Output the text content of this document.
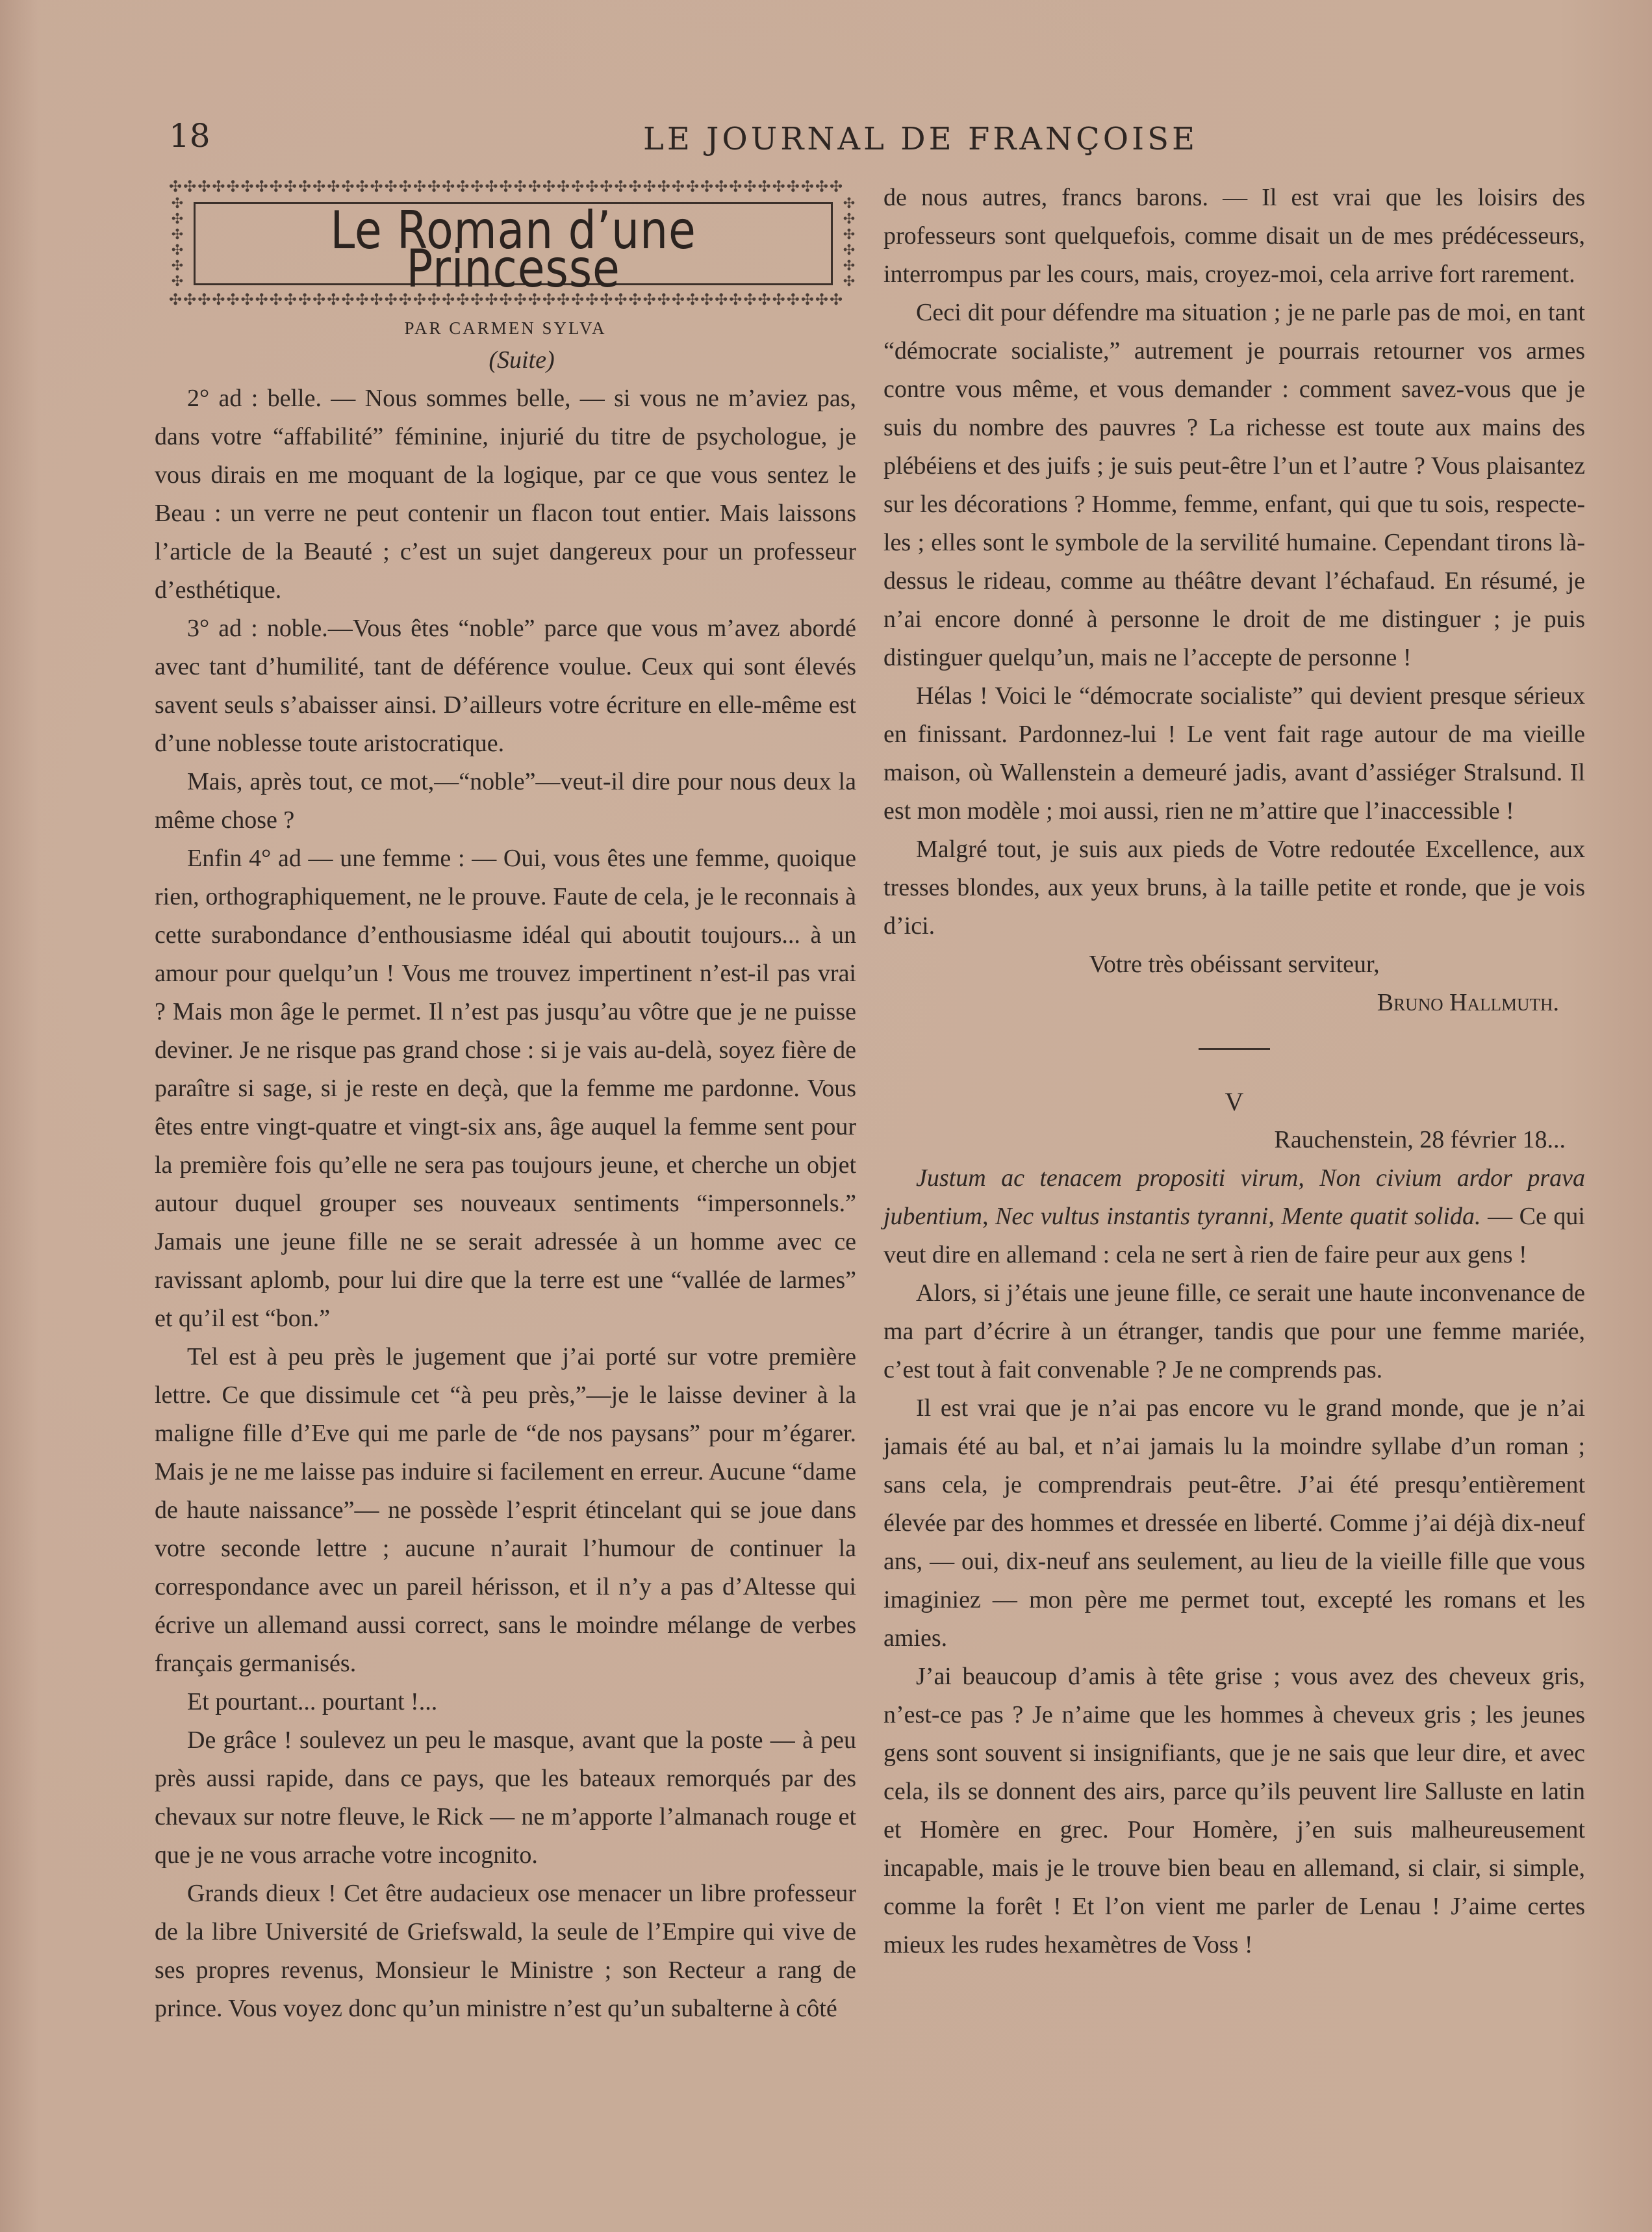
18	LE JOURNAL DE FRANÇOISE
✣✣✣✣✣✣✣✣✣✣✣✣✣✣✣✣✣✣✣✣✣✣✣✣✣✣✣✣✣✣✣✣✣✣✣✣✣✣✣✣✣✣✣✣✣✣✣
✣
✣
✣
✣
✣
✣
✣
✣
✣
✣
✣
✣
✣✣✣✣✣✣✣✣✣✣✣✣✣✣✣✣✣✣✣✣✣✣✣✣✣✣✣✣✣✣✣✣✣✣✣✣✣✣✣✣✣✣✣✣✣✣✣
Le Roman d’une Princesse

PAR CARMEN SYLVA

(Suite)

2° ad : belle. — Nous sommes belle, — si vous ne m’aviez pas, dans votre “affabilité” féminine, injurié du titre de psychologue, je vous dirais en me moquant de la logique, par ce que vous sentez le Beau : un verre ne peut contenir un flacon tout entier. Mais laissons l’article de la Beauté ; c’est un sujet dangereux pour un professeur d’esthétique.

3° ad : noble.—Vous êtes “noble” parce que vous m’avez abordé avec tant d’humilité, tant de déférence voulue. Ceux qui sont élevés savent seuls s’abaisser ainsi. D’ailleurs votre écriture en elle-même est d’une noblesse toute aristocratique.

Mais, après tout, ce mot,—“noble”—veut-il dire pour nous deux la même chose ?

Enfin 4° ad — une femme : — Oui, vous êtes une femme, quoique rien, orthographiquement, ne le prouve. Faute de cela, je le reconnais à cette surabondance d’enthousiasme idéal qui aboutit toujours... à un amour pour quelqu’un ! Vous me trouvez impertinent n’est-il pas vrai ? Mais mon âge le permet. Il n’est pas jusqu’au vôtre que je ne puisse deviner. Je ne risque pas grand chose : si je vais au-delà, soyez fière de paraître si sage, si je reste en deçà, que la femme me pardonne. Vous êtes entre vingt-quatre et vingt-six ans, âge auquel la femme sent pour la première fois qu’elle ne sera pas toujours jeune, et cherche un objet autour duquel grouper ses nouveaux sentiments “impersonnels.” Jamais une jeune fille ne se serait adressée à un homme avec ce ravissant aplomb, pour lui dire que la terre est une “vallée de larmes” et qu’il est “bon.”

Tel est à peu près le jugement que j’ai porté sur votre première lettre. Ce que dissimule cet “à peu près,”—je le laisse deviner à la maligne fille d’Eve qui me parle de “de nos paysans” pour m’égarer. Mais je ne me laisse pas induire si facilement en erreur. Aucune “dame de haute naissance”— ne possède l’esprit étincelant qui se joue dans votre seconde lettre ; aucune n’aurait l’humour de continuer la correspondance avec un pareil hérisson, et il n’y a pas d’Altesse qui écrive un allemand aussi correct, sans le moindre mélange de verbes français germanisés.

Et pourtant... pourtant !...

De grâce ! soulevez un peu le masque, avant que la poste — à peu près aussi rapide, dans ce pays, que les bateaux remorqués par des chevaux sur notre fleuve, le Rick — ne m’apporte l’almanach rouge et que je ne vous arrache votre incognito.

Grands dieux ! Cet être audacieux ose menacer un libre professeur de la libre Université de Griefswald, la seule de l’Empire qui vive de ses propres revenus, Monsieur le Ministre ; son Recteur a rang de prince. Vous voyez donc qu’un ministre n’est qu’un subalterne à côté

de nous autres, francs barons. — Il est vrai que les loisirs des professeurs sont quelquefois, comme disait un de mes prédécesseurs, interrompus par les cours, mais, croyez-moi, cela arrive fort rarement.

Ceci dit pour défendre ma situation ; je ne parle pas de moi, en tant “démocrate socialiste,” autrement je pourrais retourner vos armes contre vous même, et vous demander : comment savez-vous que je suis du nombre des pauvres ? La richesse est toute aux mains des plébéiens et des juifs ; je suis peut-être l’un et l’autre ? Vous plaisantez sur les décorations ? Homme, femme, enfant, qui que tu sois, respecte-les ; elles sont le symbole de la servilité humaine. Cependant tirons là-dessus le rideau, comme au théâtre devant l’échafaud. En résumé, je n’ai encore donné à personne le droit de me distinguer ; je puis distinguer quelqu’un, mais ne l’accepte de personne !

Hélas ! Voici le “démocrate socialiste” qui devient presque sérieux en finissant. Pardonnez-lui ! Le vent fait rage autour de ma vieille maison, où Wallenstein a demeuré jadis, avant d’assiéger Stralsund. Il est mon modèle ; moi aussi, rien ne m’attire que l’inaccessible !

Malgré tout, je suis aux pieds de Votre redoutée Excellence, aux tresses blondes, aux yeux bruns, à la taille petite et ronde, que je vois d’ici.

Votre très obéissant serviteur,

Bruno Hallmuth.

V

Rauchenstein, 28 février 18...

Justum ac tenacem propositi virum, Non civium ardor prava jubentium, Nec vultus instantis tyranni, Mente quatit solida. — Ce qui veut dire en allemand : cela ne sert à rien de faire peur aux gens !

Alors, si j’étais une jeune fille, ce serait une haute inconvenance de ma part d’écrire à un étranger, tandis que pour une femme mariée, c’est tout à fait convenable ? Je ne comprends pas.

Il est vrai que je n’ai pas encore vu le grand monde, que je n’ai jamais été au bal, et n’ai jamais lu la moindre syllabe d’un roman ; sans cela, je comprendrais peut-être. J’ai été presqu’entièrement élevée par des hommes et dressée en liberté. Comme j’ai déjà dix-neuf ans, — oui, dix-neuf ans seulement, au lieu de la vieille fille que vous imaginiez — mon père me permet tout, excepté les romans et les amies.

J’ai beaucoup d’amis à tête grise ; vous avez des cheveux gris, n’est-ce pas ? Je n’aime que les hommes à cheveux gris ; les jeunes gens sont souvent si insignifiants, que je ne sais que leur dire, et avec cela, ils se donnent des airs, parce qu’ils peuvent lire Salluste en latin et Homère en grec. Pour Homère, j’en suis malheureusement incapable, mais je le trouve bien beau en allemand, si clair, si simple, comme la forêt ! Et l’on vient me parler de Lenau ! J’aime certes mieux les rudes hexamètres de Voss !
